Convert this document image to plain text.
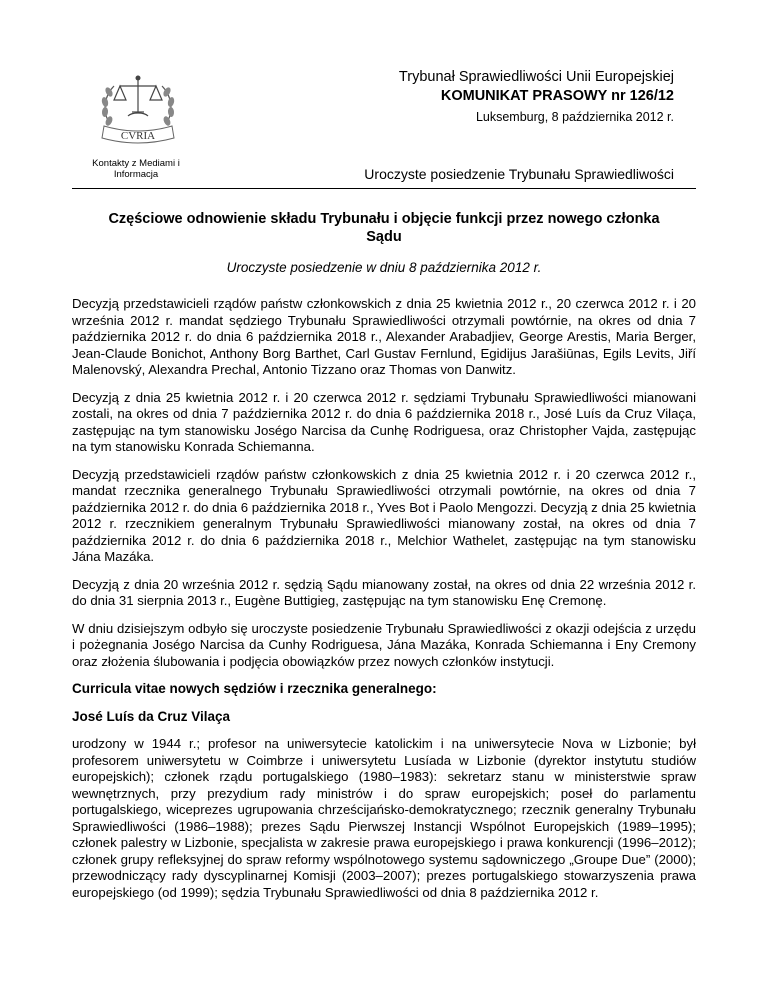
CVRIA
Kontakty z Mediami i Informacja
Trybunał Sprawiedliwości Unii Europejskiej
KOMUNIKAT PRASOWY nr 126/12
Luksemburg, 8 października 2012 r.
Uroczyste posiedzenie Trybunału Sprawiedliwości
Częściowe odnowienie składu Trybunału i objęcie funkcji przez nowego członka Sądu
Uroczyste posiedzenie w dniu 8 października 2012 r.

Decyzją przedstawicieli rządów państw członkowskich z dnia 25 kwietnia 2012 r., 20 czerwca 2012 r. i 20 września 2012 r. mandat sędziego Trybunału Sprawiedliwości otrzymali powtórnie, na okres od dnia 7 października 2012 r. do dnia 6 października 2018 r., Alexander Arabadjiev, George Arestis, Maria Berger, Jean-Claude Bonichot, Anthony Borg Barthet, Carl Gustav Fernlund, Egidijus Jarašiūnas, Egils Levits, Jiří Malenovský, Alexandra Prechal, Antonio Tizzano oraz Thomas von Danwitz.

Decyzją z dnia 25 kwietnia 2012 r. i 20 czerwca 2012 r. sędziami Trybunału Sprawiedliwości mianowani zostali, na okres od dnia 7 października 2012 r. do dnia 6 października 2018 r., José Luís da Cruz Vilaça, zastępując na tym stanowisku Joségo Narcisa da Cunhę Rodriguesa, oraz Christopher Vajda, zastępując na tym stanowisku Konrada Schiemanna.

Decyzją przedstawicieli rządów państw członkowskich z dnia 25 kwietnia 2012 r. i 20 czerwca 2012 r., mandat rzecznika generalnego Trybunału Sprawiedliwości otrzymali powtórnie, na okres od dnia 7 października 2012 r. do dnia 6 października 2018 r., Yves Bot i Paolo Mengozzi. Decyzją z dnia 25 kwietnia 2012 r. rzecznikiem generalnym Trybunału Sprawiedliwości mianowany został, na okres od dnia 7 października 2012 r. do dnia 6 października 2018 r., Melchior Wathelet, zastępując na tym stanowisku Jána Mazáka.

Decyzją z dnia 20 września 2012 r. sędzią Sądu mianowany został, na okres od dnia 22 września 2012 r. do dnia 31 sierpnia 2013 r., Eugène Buttigieg, zastępując na tym stanowisku Enę Cremonę.

W dniu dzisiejszym odbyło się uroczyste posiedzenie Trybunału Sprawiedliwości z okazji odejścia z urzędu i pożegnania Joségo Narcisa da Cunhy Rodriguesa, Jána Mazáka, Konrada Schiemanna i Eny Cremony oraz złożenia ślubowania i podjęcia obowiązków przez nowych członków instytucji.

Curricula vitae nowych sędziów i rzecznika generalnego:
José Luís da Cruz Vilaça

urodzony w 1944 r.; profesor na uniwersytecie katolickim i na uniwersytecie Nova w Lizbonie; był profesorem uniwersytetu w Coimbrze i uniwersytetu Lusíada w Lizbonie (dyrektor instytutu studiów europejskich); członek rządu portugalskiego (1980–1983): sekretarz stanu w ministerstwie spraw wewnętrznych, przy prezydium rady ministrów i do spraw europejskich; poseł do parlamentu portugalskiego, wiceprezes ugrupowania chrześcijańsko-demokratycznego; rzecznik generalny Trybunału Sprawiedliwości (1986–1988); prezes Sądu Pierwszej Instancji Wspólnot Europejskich (1989–1995); członek palestry w Lizbonie, specjalista w zakresie prawa europejskiego i prawa konkurencji (1996–2012); członek grupy refleksyjnej do spraw reformy wspólnotowego systemu sądowniczego „Groupe Due” (2000); przewodniczący rady dyscyplinarnej Komisji (2003–2007); prezes portugalskiego stowarzyszenia prawa europejskiego (od 1999); sędzia Trybunału Sprawiedliwości od dnia 8 października 2012 r.
